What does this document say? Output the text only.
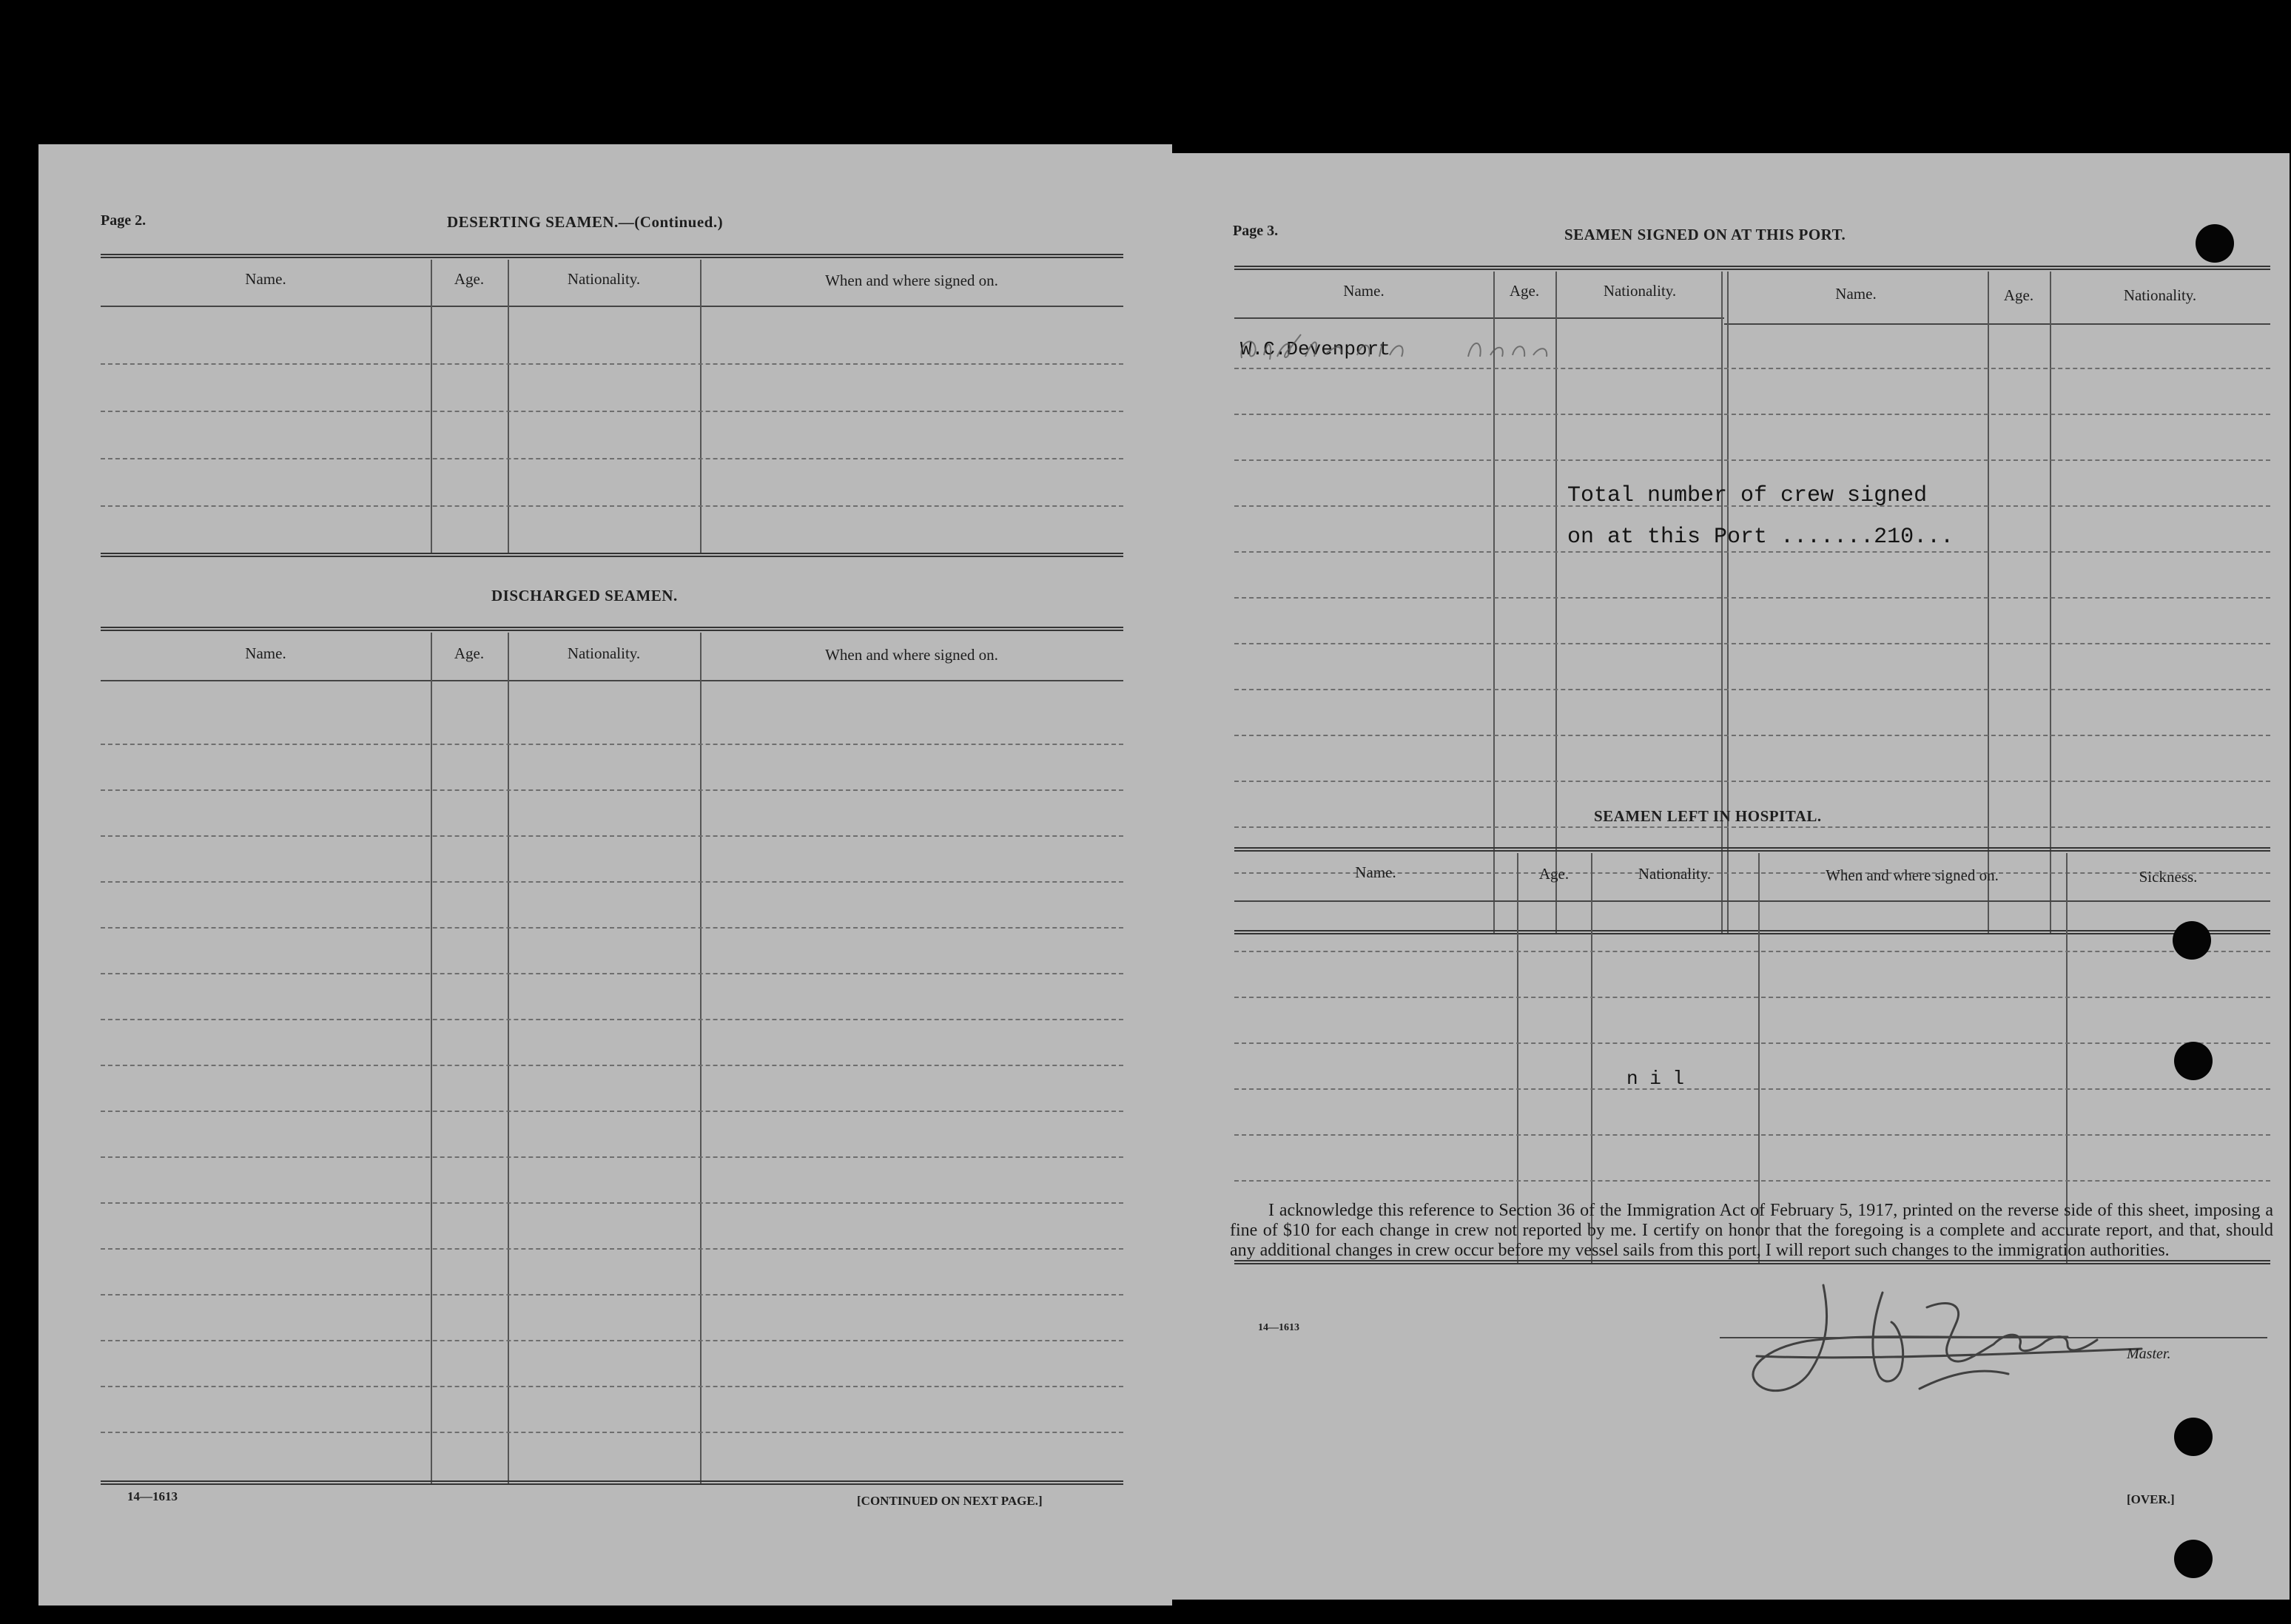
Page 2.	DESERTING SEAMEN.—(Continued.)
Name.	Age.	Nationality.	When and where signed on.
DISCHARGED SEAMEN.
Name.	Age.	Nationality.	When and where signed on.
14—1613	[CONTINUED ON NEXT PAGE.]
Page 3.	SEAMEN SIGNED ON AT THIS PORT.
Name.	Age.	Nationality.	Name.	Age.	Nationality.
W.C.Devenport
Total number of crew signed
on at this Port .......210...
SEAMEN LEFT IN HOSPITAL.
Name.	Age.	Nationality.	When and where signed on.	Sickness.
n i l
I acknowledge this reference to Section 36 of the Immigration Act of February 5, 1917, printed on the reverse side of this sheet, imposing a fine of $10 for each change in crew not reported by me. I certify on honor that the foregoing is a complete and accurate report, and that, should any additional changes in crew occur before my vessel sails from this port, I will report such changes to the immigration authorities.
14—1613
Master.
[OVER.]
